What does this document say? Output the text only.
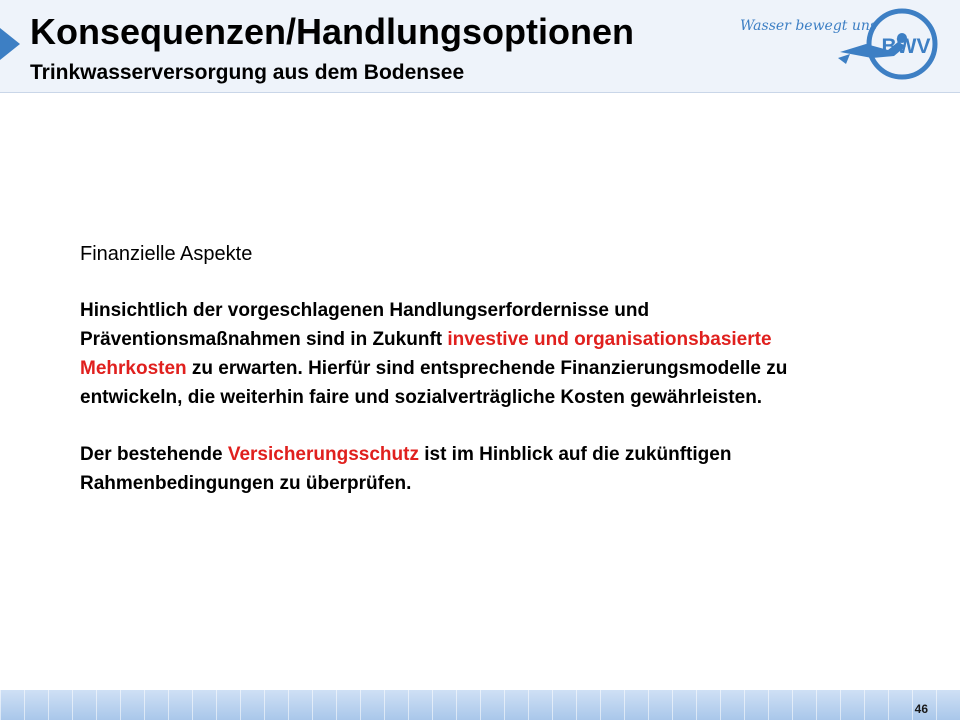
Konsequenzen/Handlungsoptionen
Trinkwasserversorgung aus dem Bodensee
Wasser bewegt uns
BWV
Finanzielle Aspekte

Hinsichtlich der vorgeschlagenen Handlungserfordernisse und Präventionsmaßnahmen sind in Zukunft investive und organisationsbasierte Mehrkosten zu erwarten. Hierfür sind entsprechende Finanzierungsmodelle zu entwickeln, die weiterhin faire und sozialverträgliche Kosten gewährleisten.

Der bestehende Versicherungsschutz ist im Hinblick auf die zukünftigen Rahmenbedingungen zu überprüfen.

46
